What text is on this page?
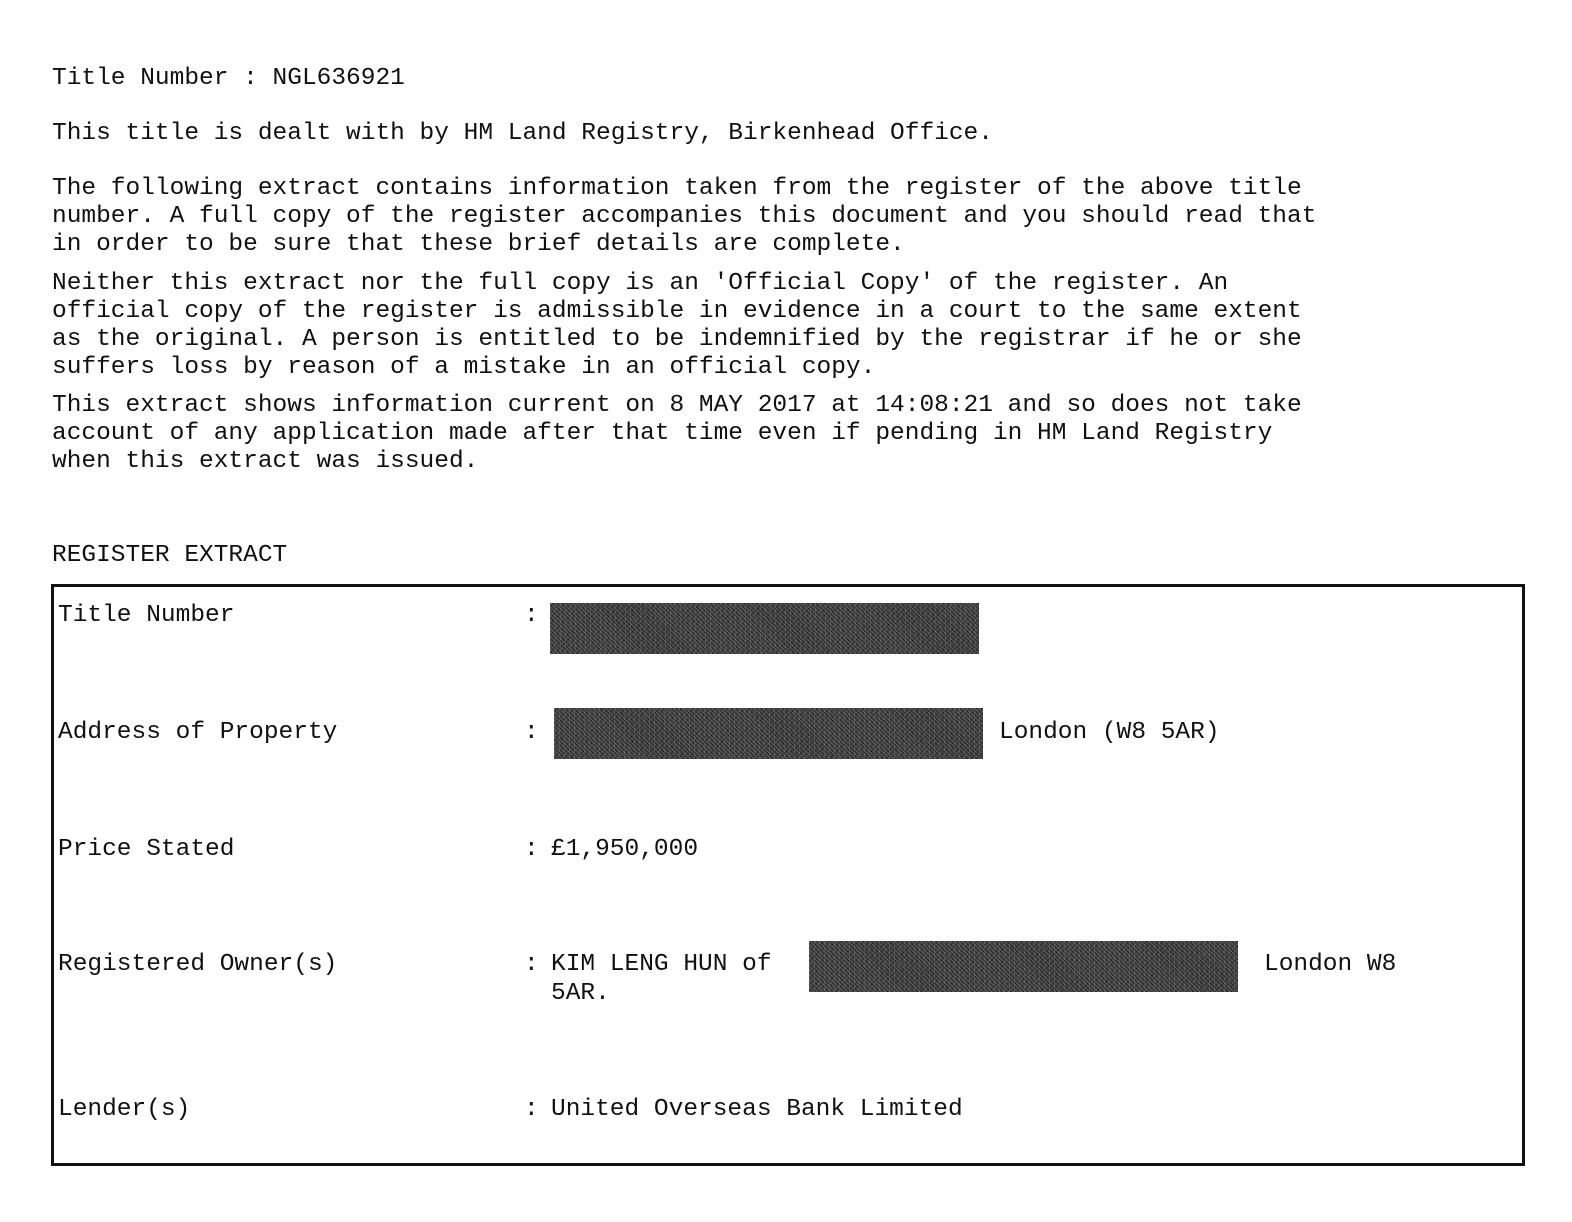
Title Number : NGL636921
This title is dealt with by HM Land Registry, Birkenhead Office.
The following extract contains information taken from the register of the above title
number. A full copy of the register accompanies this document and you should read that
in order to be sure that these brief details are complete.
Neither this extract nor the full copy is an 'Official Copy' of the register. An
official copy of the register is admissible in evidence in a court to the same extent
as the original. A person is entitled to be indemnified by the registrar if he or she
suffers loss by reason of a mistake in an official copy.
This extract shows information current on 8 MAY 2017 at 14:08:21 and so does not take
account of any application made after that time even if pending in HM Land Registry
when this extract was issued.
REGISTER EXTRACT
Title Number	:
Address of Property	:	London (W8 5AR)
Price Stated	: £1,950,000
Registered Owner(s)	: KIM LENG HUN of	London W8
5AR.
Lender(s)	: United Overseas Bank Limited
